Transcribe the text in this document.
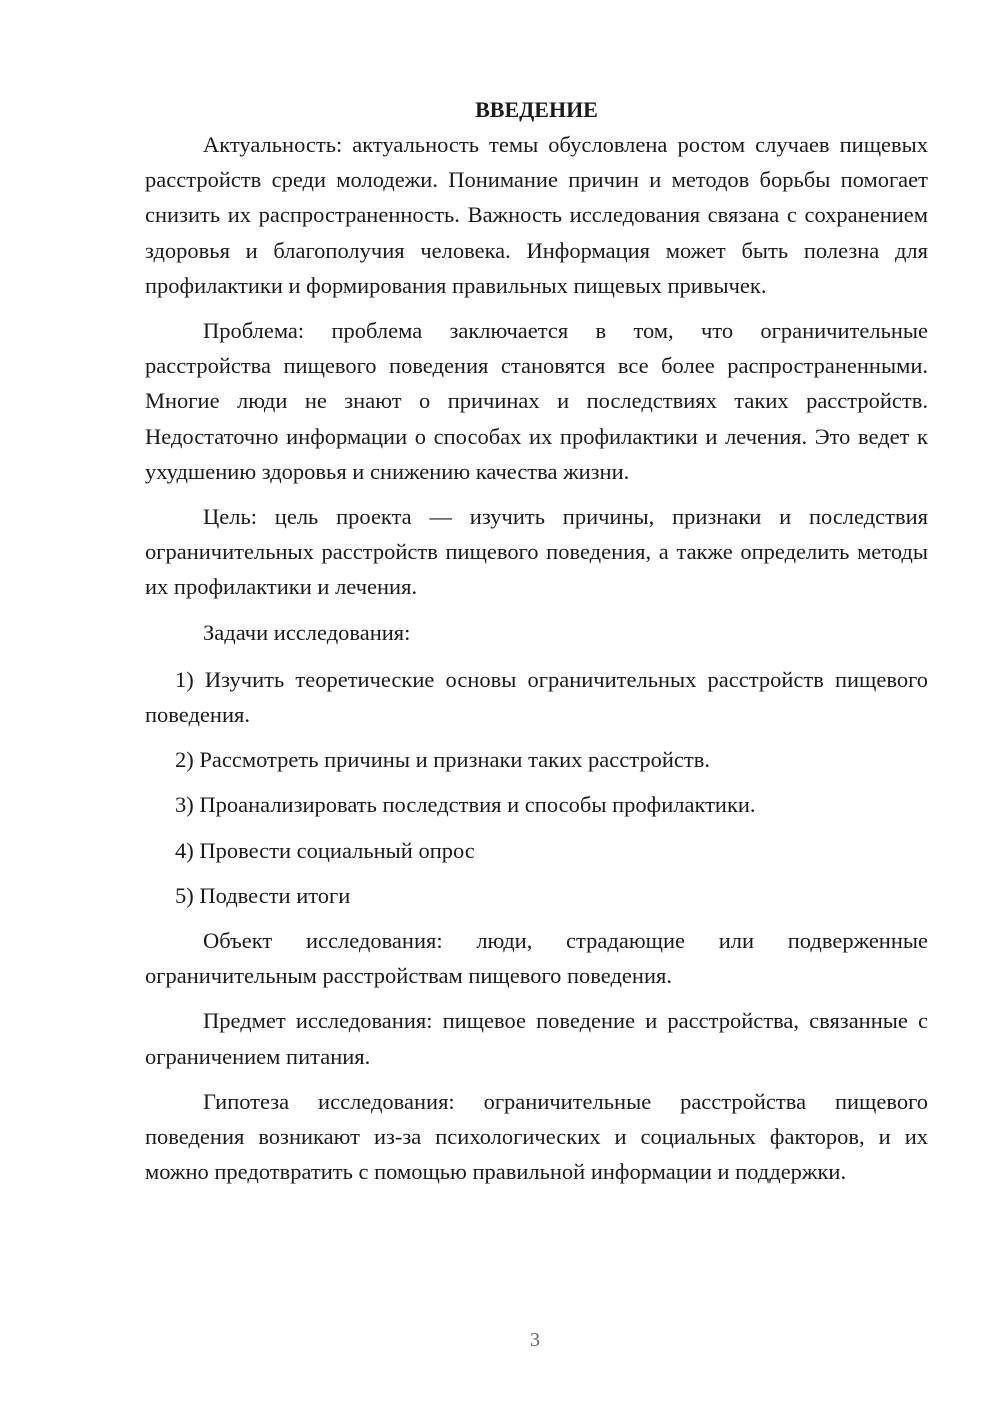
ВВЕДЕНИЕ

Актуальность: актуальность темы обусловлена ростом случаев пищевых расстройств среди молодежи. Понимание причин и методов борьбы помогает снизить их распространенность. Важность исследования связана с сохранением здоровья и благополучия человека. Информация может быть полезна для профилактики и формирования правильных пищевых привычек.

Проблема: проблема заключается в том, что ограничительные расстройства пищевого поведения становятся все более распространенными. Многие люди не знают о причинах и последствиях таких расстройств. Недостаточно информации о способах их профилактики и лечения. Это ведет к ухудшению здоровья и снижению качества жизни.

Цель: цель проекта — изучить причины, признаки и последствия ограничительных расстройств пищевого поведения, а также определить методы их профилактики и лечения.

Задачи исследования:

1) Изучить теоретические основы ограничительных расстройств пищевого поведения.

2) Рассмотреть причины и признаки таких расстройств.

3) Проанализировать последствия и способы профилактики.

4) Провести социальный опрос

5) Подвести итоги

Объект исследования: люди, страдающие или подверженные ограничительным расстройствам пищевого поведения.

Предмет исследования: пищевое поведение и расстройства, связанные с ограничением питания.

Гипотеза исследования: ограничительные расстройства пищевого поведения возникают из-за психологических и социальных факторов, и их можно предотвратить с помощью правильной информации и поддержки.

3
